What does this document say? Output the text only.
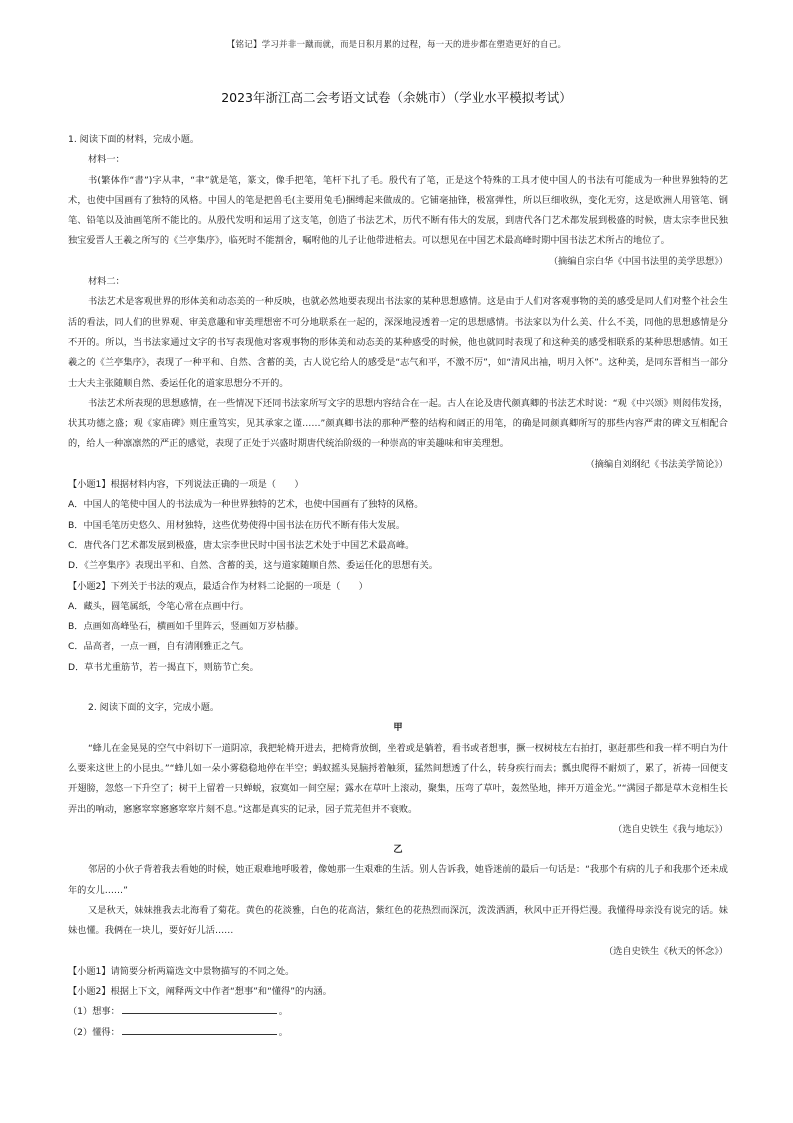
【铭记】学习并非一蹴而就，而是日积月累的过程，每一天的进步都在塑造更好的自己。
2023年浙江高二会考语文试卷（余姚市）（学业水平模拟考试）

1. 阅读下面的材料，完成小题。

材料一：

书(繁体作“書”)字从聿，“聿”就是笔，篆文，像手把笔，笔杆下扎了毛。殷代有了笔，正是这个特殊的工具才使中国人的书法有可能成为一种世界独特的艺术，也使中国画有了独特的风格。中国人的笔是把兽毛(主要用兔毛)捆缚起来做成的。它铺毫抽锋，极富弹性，所以巨细收纵，变化无穷，这是欧洲人用管笔、钢笔、铅笔以及油画笔所不能比的。从殷代发明和运用了这支笔，创造了书法艺术，历代不断有伟大的发展，到唐代各门艺术都发展到极盛的时候，唐太宗李世民独独宝爱晋人王羲之所写的《兰亭集序》，临死时不能割舍，嘱咐他的儿子让他带进棺去。可以想见在中国艺术最高峰时期中国书法艺术所占的地位了。

（摘编自宗白华《中国书法里的美学思想》）

材料二：

书法艺术是客观世界的形体美和动态美的一种反映，也就必然地要表现出书法家的某种思想感情。这是由于人们对客观事物的美的感受是同人们对整个社会生活的看法，同人们的世界观、审美意趣和审美理想密不可分地联系在一起的，深深地浸透着一定的思想感情。书法家以为什么美、什么不美，同他的思想感情是分不开的。所以，当书法家通过文字的书写表现他对客观事物的形体美和动态美的某种感受的时候，他也就同时表现了和这种美的感受相联系的某种思想感情。如王羲之的《兰亭集序》，表现了一种平和、自然、含蓄的美，古人说它给人的感受是“志气和平，不激不厉”，如“清风出袖，明月入怀”。这种美，是同东晋相当一部分士大夫主张随顺自然、委运任化的道家思想分不开的。

书法艺术所表现的思想感情，在一些情况下还同书法家所写文字的思想内容结合在一起。古人在论及唐代颜真卿的书法艺术时说：“观《中兴颂》则闳伟发扬，状其功德之盛；观《家庙碑》则庄重笃实，见其承家之谨……”颜真卿书法的那种严整的结构和阔正的用笔，的确是同颜真卿所写的那些内容严肃的碑文互相配合的，给人一种凛凛然的严正的感觉，表现了正处于兴盛时期唐代统治阶级的一种崇高的审美趣味和审美理想。

（摘编自刘纲纪《书法美学简论》）

【小题1】根据材料内容，下列说法正确的一项是（　　）

A．中国人的笔使中国人的书法成为一种世界独特的艺术，也使中国画有了独特的风格。

B．中国毛笔历史悠久、用材独特，这些优势使得中国书法在历代不断有伟大发展。

C．唐代各门艺术都发展到极盛，唐太宗李世民时中国书法艺术处于中国艺术最高峰。

D．《兰亭集序》表现出平和、自然、含蓄的美，这与道家随顺自然、委运任化的思想有关。

【小题2】下列关于书法的观点，最适合作为材料二论据的一项是（　　）

A．藏头，圆笔属纸，令笔心常在点画中行。

B．点画如高峰坠石，横画如千里阵云，竖画如万岁枯藤。

C．品高者，一点一画，自有清刚雅正之气。

D．草书尤重筋节，若一揭直下，则筋节亡矣。

2. 阅读下面的文字，完成小题。

甲

“蜂儿在金晃晃的空气中斜切下一道阴凉，我把轮椅开进去，把椅背放倒，坐着或是躺着，看书或者想事，撅一杈树枝左右拍打，驱赶那些和我一样不明白为什么要来这世上的小昆虫。”“蜂儿如一朵小雾稳稳地停在半空；蚂蚁摇头晃脑捋着触须，猛然间想透了什么，转身疾行而去；瓢虫爬得不耐烦了，累了，祈祷一回便支开翅膀，忽悠一下升空了；树干上留着一只蝉蜕，寂寞如一间空屋；露水在草叶上滚动，聚集，压弯了草叶，轰然坠地，摔开万道金光。”“满园子都是草木竞相生长弄出的响动，窸窸窣窣窸窸窣窣片刻不息。”这都是真实的记录，园子荒芜但并不衰败。

（选自史铁生《我与地坛》）

乙

邻居的小伙子背着我去看她的时候，她正艰难地呼吸着，像她那一生艰难的生活。别人告诉我，她昏迷前的最后一句话是：“我那个有病的儿子和我那个还未成年的女儿……”

又是秋天，妹妹推我去北海看了菊花。黄色的花淡雅，白色的花高洁，紫红色的花热烈而深沉，泼泼洒洒，秋风中正开得烂漫。我懂得母亲没有说完的话。妹妹也懂。我俩在一块儿，要好好儿活……

（选自史铁生《秋天的怀念》）

【小题1】请简要分析两篇选文中景物描写的不同之处。

【小题2】根据上下文，阐释两文中作者“想事”和“懂得”的内涵。

（1）想事：	。

（2）懂得：	。
